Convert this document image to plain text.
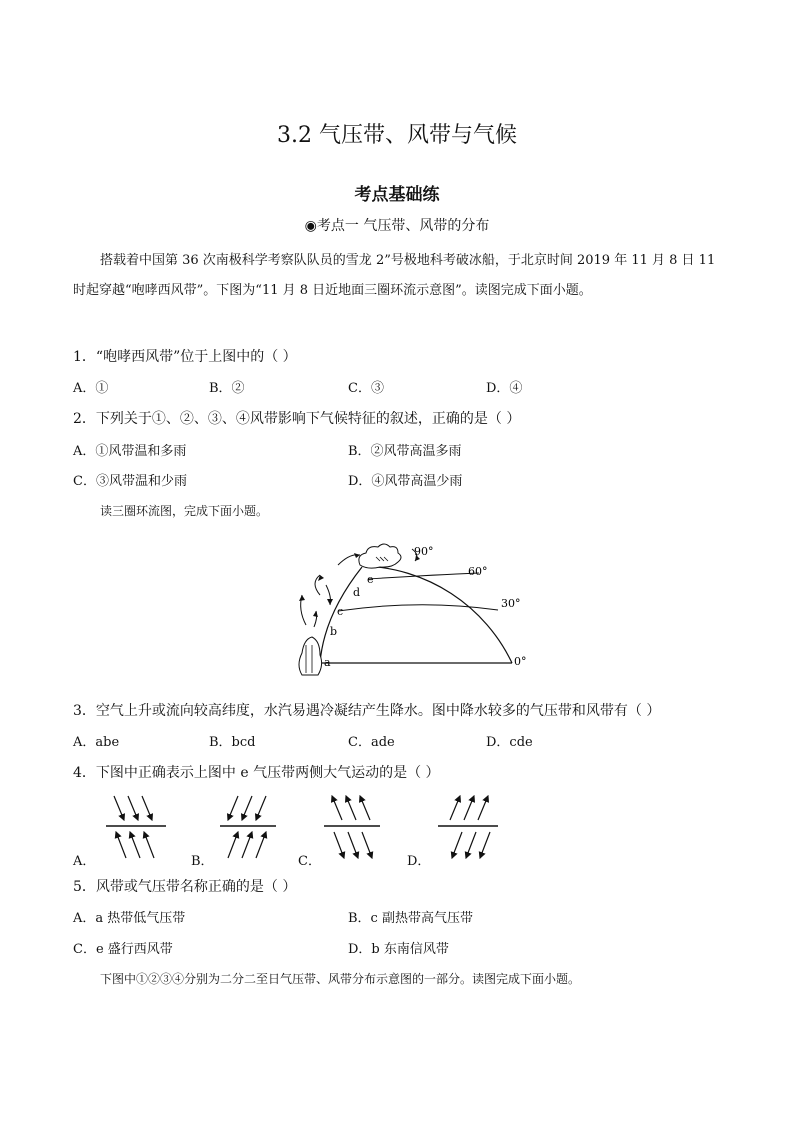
3.2 气压带、风带与气候
考点基础练
◉考点一 气压带、风带的分布
搭载着中国第 36 次南极科学考察队队员的雪龙 2”号极地科考破冰船，于北京时间 2019 年 11 月 8 日 11
时起穿越“咆哮西风带”。下图为“11 月 8 日近地面三圈环流示意图”。读图完成下面小题。
1．“咆哮西风带”位于上图中的（ ）
A．①	B．②	C．③	D．④
2．下列关于①、②、③、④风带影响下气候特征的叙述，正确的是（ ）
A．①风带温和多雨	B．②风带高温多雨
C．③风带温和少雨	D．④风带高温少雨
读三圈环流图，完成下面小题。
90°
60°
30°
0°
a
b
c
d
e
3．空气上升或流向较高纬度，水汽易遇冷凝结产生降水。图中降水较多的气压带和风带有（ ）
A．abe	B．bcd	C．ade	D．cde
4．下图中正确表示上图中 e 气压带两侧大气运动的是（ ）
A．	B．	C．	D．
5．风带或气压带名称正确的是（ ）
A．a 热带低气压带	B．c 副热带高气压带
C．e 盛行西风带	D．b 东南信风带
下图中①②③④分别为二分二至日气压带、风带分布示意图的一部分。读图完成下面小题。
